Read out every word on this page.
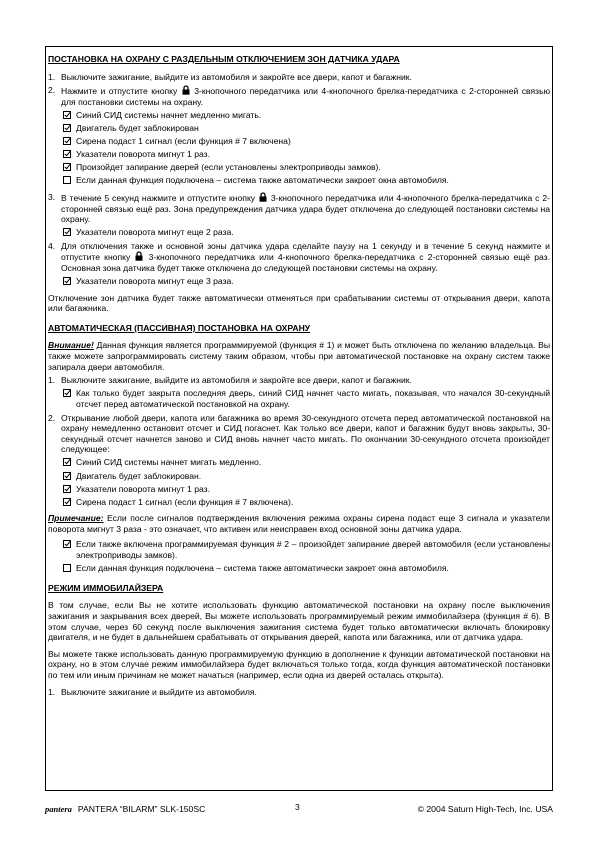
ПОСТАНОВКА НА ОХРАНУ С РАЗДЕЛЬНЫМ ОТКЛЮЧЕНИЕМ ЗОН ДАТЧИКА УДАРА
1. Выключите зажигание, выйдите из автомобиля и закройте все двери, капот и багажник.
2. Нажмите и отпустите кнопку 3-кнопочного передатчика или 4-кнопочного брелка-передатчика с 2-сторонней связью для постановки системы на охрану.
Синий СИД системы начнет медленно мигать.
Двигатель будет заблокирован
Сирена подаст 1 сигнал (если функция # 7 включена)
Указатели поворота мигнут 1 раз.
Произойдет запирание дверей (если установлены электроприводы замков).
Если данная функция подключена – система также автоматически закроет окна автомобиля.
3. В течение 5 секунд нажмите и отпустите кнопку 3-кнопочного передатчика или 4-кнопочного брелка-передатчика с 2-сторонней связью ещё раз. Зона предупреждения датчика удара будет отключена до следующей постановки системы на охрану.
Указатели поворота мигнут еще 2 раза.
4. Для отключения также и основной зоны датчика удара сделайте паузу на 1 секунду и в течение 5 секунд нажмите и отпустите кнопку 3-кнопочного передатчика или 4-кнопочного брелка-передатчика с 2-сторонней связью ещё раз. Основная зона датчика будет также отключена до следующей постановки системы на охрану.
Указатели поворота мигнут еще 3 раза.
Отключение зон датчика будет также автоматически отменяться при срабатывании системы от открывания двери, капота или багажника.
АВТОМАТИЧЕСКАЯ (ПАССИВНАЯ) ПОСТАНОВКА НА ОХРАНУ
Внимание! Данная функция является программируемой (функция # 1) и может быть отключена по желанию владельца. Вы также можете запрограммировать систему таким образом, чтобы при автоматической постановке на охрану систем также запирала двери автомобиля.
1. Выключите зажигание, выйдите из автомобиля и закройте все двери, капот и багажник.
Как только будет закрыта последняя дверь, синий СИД начнет часто мигать, показывая, что начался 30-секундный отсчет перед автоматической постановкой на охрану.
2. Открывание любой двери, капота или багажника во время 30-секундного отсчета перед автоматической постановкой на охрану немедленно остановит отсчет и СИД погаснет. Как только все двери, капот и багажник будут вновь закрыты, 30-секундный отсчет начнется заново и СИД вновь начнет часто мигать. По окончании 30-секундного отсчета произойдет следующее:
Синий СИД системы начнет мигать медленно.
Двигатель будет заблокирован.
Указатели поворота мигнут 1 раз.
Сирена подаст 1 сигнал (если функция # 7 включена).
Примечание: Если после сигналов подтверждения включения режима охраны сирена подаст еще 3 сигнала и указатели поворота мигнут 3 раза - это означает, что активен или неисправен вход основной зоны датчика удара.
Если также включена программируемая функция # 2 – произойдет запирание дверей автомобиля (если установлены электроприводы замков).
Если данная функция подключена – система также автоматически закроет окна автомобиля.
РЕЖИМ ИММОБИЛАЙЗЕРА
В том случае, если Вы не хотите использовать функцию автоматической постановки на охрану после выключения зажигания и закрывания всех дверей, Вы можете использовать программируемый режим иммобилайзера (функция # 6). В этом случае, через 60 секунд после выключения зажигания система будет только автоматически включать блокировку двигателя, и не будет в дальнейшем срабатывать от открывания дверей, капота или багажника, или от датчика удара.
Вы можете также использовать данную программируемую функцию в дополнение к функции автоматической постановки на охрану, но в этом случае режим иммобилайзера будет включаться только тогда, когда функция автоматической постановки по тем или иным причинам не может начаться (например, если одна из дверей осталась открыта).
1. Выключите зажигание и выйдите из автомобиля.
pantera PANTERA “BILARM” SLK-150SC	3	© 2004 Saturn High-Tech, Inc. USA
